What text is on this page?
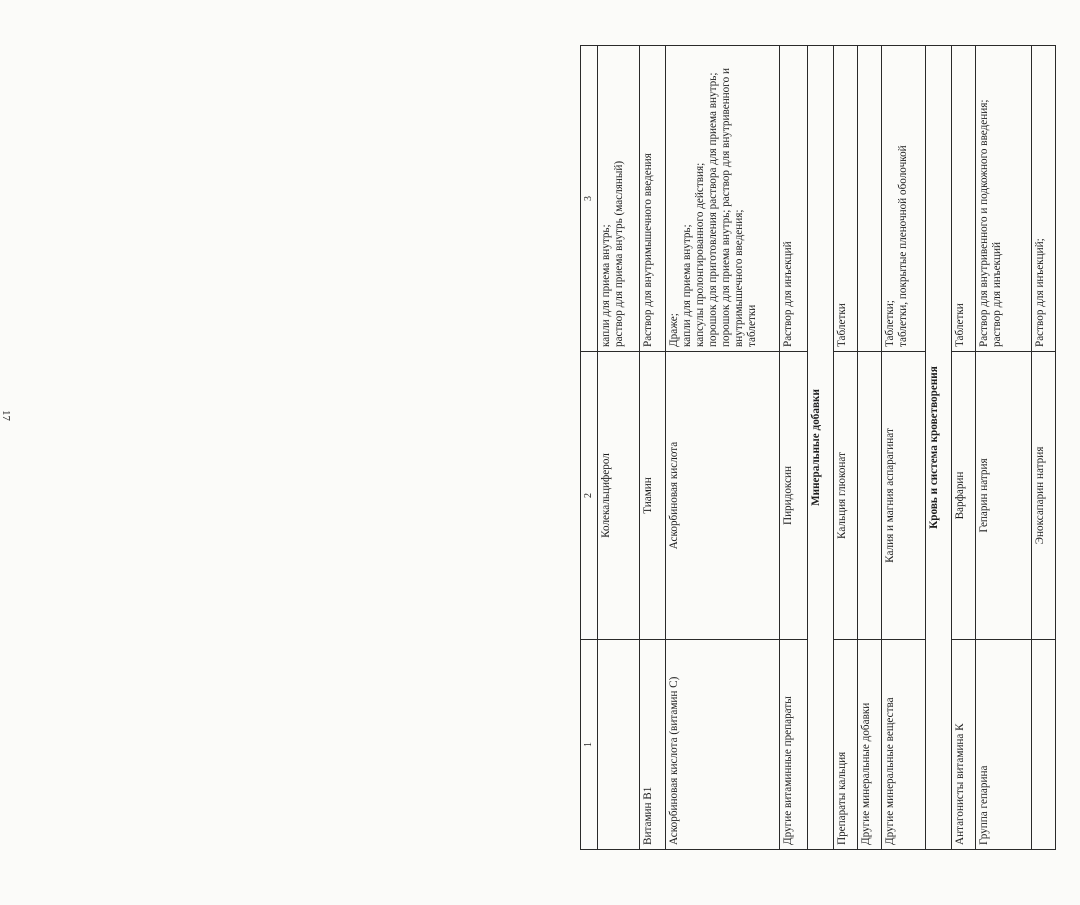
17
1	2	3
	Колекальциферол	капли для приема внутрь;
раствор для приема внутрь (масляный)
Витамин B1	Тиамин	Раствор для внутримышечного введения
Аскорбиновая кислота (витамин C)	Аскорбиновая кислота	Драже;
капли для приема внутрь;
капсулы пролонгированного действия;
порошок для приготовления раствора для приема внутрь; порошок для приема внутрь; раствор для внутривенного и внутримышечного введения;
таблетки
Другие витаминные препараты	Пиридоксин	Раствор для инъекций
Минеральные добавки		
Препараты кальция	Кальция глюконат	Таблетки
Другие минеральные добавки		
Другие минеральные вещества	Калия и магния аспарагинат	Таблетки;
таблетки, покрытые пленочной оболочкой
Кровь и система кроветворения		
Антагонисты витамина К	Варфарин	Таблетки
Группа гепарина	Гепарин натрия	Раствор для внутривенного и подкожного введения;
раствор для инъекций
	Эноксапарин натрия	Раствор для инъекций;
